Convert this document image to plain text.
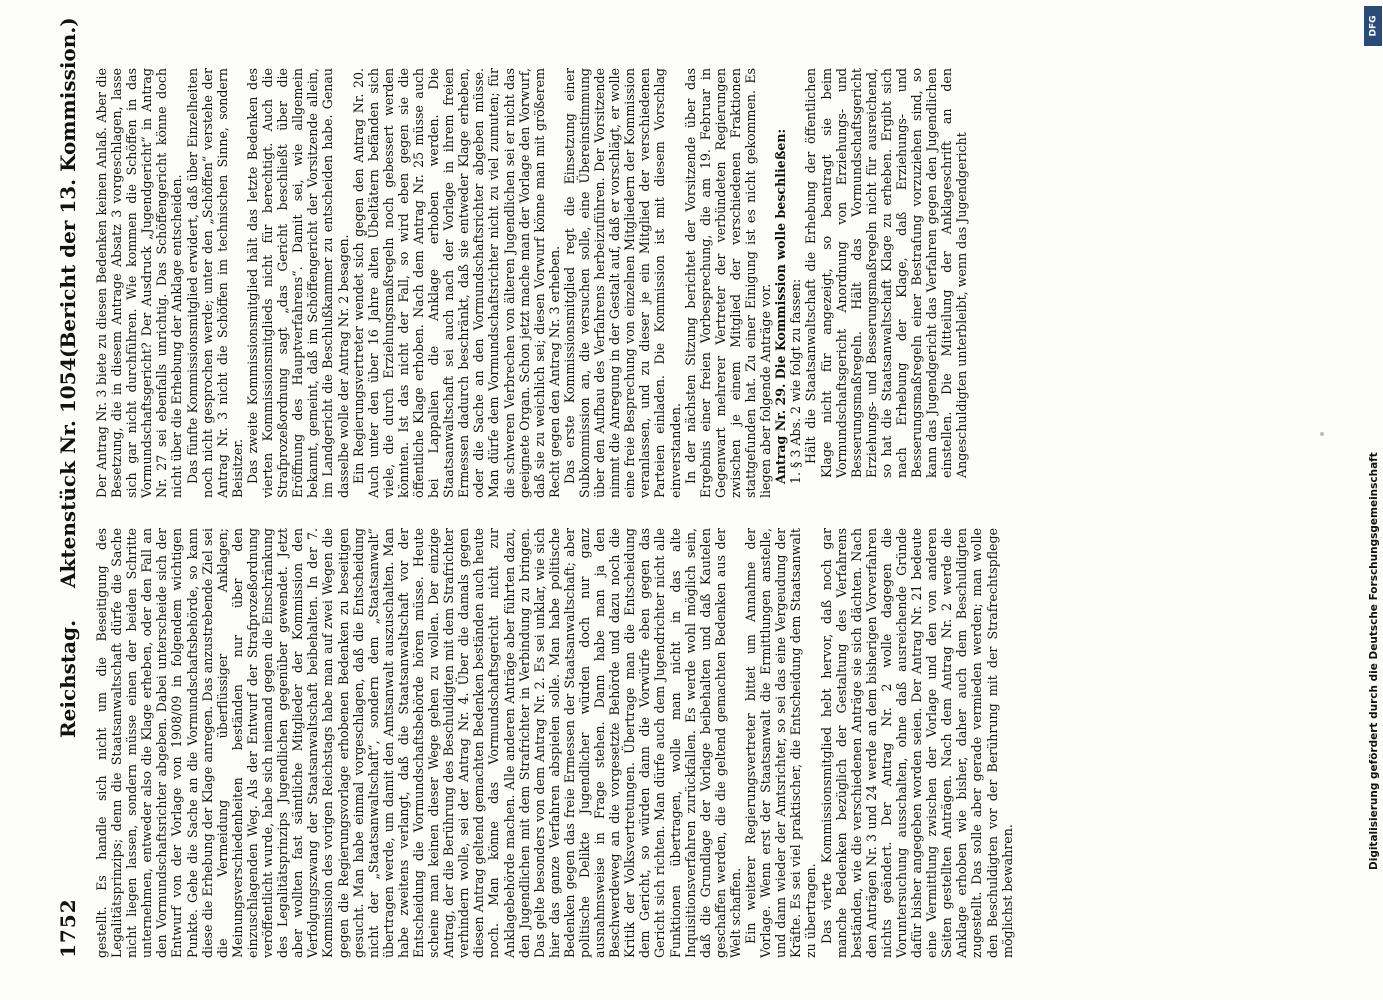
1752
Reichstag.
Aktenstück Nr. 1054.
(Bericht der 13. Kommission.)

gestellt. Es handle sich nicht um die Beseitigung des Legalitätsprinzips; denn die Staatsanwaltschaft dürfe die Sache nicht liegen lassen, sondern müsse einen der beiden Schritte unternehmen, entweder also die Klage erheben, oder den Fall an den Vormundschaftsrichter abgeben. Dabei unterscheide sich der Entwurf von der Vorlage von 1908/09 in folgendem wichtigen Punkte. Gehe die Sache an die Vormundschaftsbehörde, so kann diese die Erhebung der Klage anregen. Das anzustrebende Ziel sei die Vermeidung überflüssiger Anklagen; Meinungsverschiedenheiten beständen nur über den einzuschlagenden Weg. Als der Entwurf der Strafprozeßordnung veröffentlicht wurde, habe sich niemand gegen die Einschränkung des Legalitätsprinzips Jugendlichen gegenüber gewendet. Jetzt aber wollten fast sämtliche Mitglieder der Kommission den Verfolgungszwang der Staatsanwaltschaft beibehalten. In der 7. Kommission des vorigen Reichstags habe man auf zwei Wegen die gegen die Regierungsvorlage erhobenen Bedenken zu beseitigen gesucht. Man habe einmal vorgeschlagen, daß die Entscheidung nicht der „Staatsanwaltschaft“, sondern dem „Staatsanwalt“ übertragen werde, um damit den Amtsanwalt auszuschalten. Man habe zweitens verlangt, daß die Staatsanwaltschaft vor der Entscheidung die Vormundschaftsbehörde hören müsse. Heute scheine man keinen dieser Wege gehen zu wollen. Der einzige Antrag, der die Berührung des Beschuldigten mit dem Strafrichter verhindern wolle, sei der Antrag Nr. 4. Über die damals gegen diesen Antrag geltend gemachten Bedenken beständen auch heute noch. Man könne das Vormundschaftsgericht nicht zur Anklagebehörde machen. Alle anderen Anträge aber führten dazu, den Jugendlichen mit dem Strafrichter in Verbindung zu bringen. Das gelte besonders von dem Antrag Nr. 2. Es sei unklar, wie sich hier das ganze Verfahren abspielen solle. Man habe politische Bedenken gegen das freie Ermessen der Staatsanwaltschaft; aber politische Delikte Jugendlicher würden doch nur ganz ausnahmsweise in Frage stehen. Dann habe man ja den Beschwerdeweg an die vorgesetzte Behörde und dazu noch die Kritik der Volksvertretungen. Übertrage man die Entscheidung dem Gericht, so würden dann die Vorwürfe eben gegen das Gericht sich richten. Man dürfe auch dem Jugendrichter nicht alle Funktionen übertragen, wolle man nicht in das alte Inquisitionsverfahren zurückfallen. Es werde wohl möglich sein, daß die Grundlage der Vorlage beibehalten und daß Kautelen geschaffen werden, die die geltend gemachten Bedenken aus der Welt schaffen. Ein weiterer Regierungsvertreter bittet um Annahme der Vorlage. Wenn erst der Staatsanwalt die Ermittlungen anstelle, und dann wieder der Amtsrichter, so sei das eine Vergeudung der Kräfte. Es sei viel praktischer, die Entscheidung dem Staatsanwalt zu übertragen. Das vierte Kommissionsmitglied hebt hervor, daß noch gar manche Bedenken bezüglich der Gestaltung des Verfahrens beständen, wie die verschiedenen Anträge sie sich dächten. Nach den Anträgen Nr. 3 und 24 werde an dem bisherigen Vorverfahren nichts geändert. Der Antrag Nr. 2 wolle dagegen die Voruntersuchung ausschalten, ohne daß ausreichende Gründe dafür bisher angegeben worden seien. Der Antrag Nr. 21 bedeute eine Vermittlung zwischen der Vorlage und den von anderen Seiten gestellten Anträgen. Nach dem Antrag Nr. 2 werde die Anklage erhoben wie bisher, daher auch dem Beschuldigten zugestellt. Das solle aber gerade vermieden werden; man wolle den Beschuldigten vor der Berührung mit der Strafrechtspflege möglichst bewahren.

Der Antrag Nr. 3 biete zu diesen Bedenken keinen Anlaß. Aber die Besetzung, die in diesem Antrage Absatz 3 vorgeschlagen, lasse sich gar nicht durchführen. Wie kommen die Schöffen in das Vormundschaftsgericht? Der Ausdruck „Jugendgericht“ in Antrag Nr. 27 sei ebenfalls unrichtig. Das Schöffengericht könne doch nicht über die Erhebung der Anklage entscheiden. Das fünfte Kommissionsmitglied erwidert, daß über Einzelheiten noch nicht gesprochen werde; unter den „Schöffen“ verstehe der Antrag Nr. 3 nicht die Schöffen im technischen Sinne, sondern Beisitzer. Das zweite Kommissionsmitglied hält das letzte Bedenken des vierten Kommissionsmitglieds nicht für berechtigt. Auch die Strafprozeßordnung sagt „das Gericht beschließt über die Eröffnung des Hauptverfahrens“. Damit sei, wie allgemein bekannt, gemeint, daß im Schöffengericht der Vorsitzende allein, im Landgericht die Beschlußkammer zu entscheiden habe. Genau dasselbe wolle der Antrag Nr. 2 besagen. Ein Regierungsvertreter wendet sich gegen den Antrag Nr. 20. Auch unter den über 16 Jahre alten Übeltätern befänden sich viele, die durch Erziehungsmaßregeln noch gebessert werden könnten. Ist das nicht der Fall, so wird eben gegen sie die öffentliche Klage erhoben. Nach dem Antrag Nr. 25 müsse auch bei Lappalien die Anklage erhoben werden. Die Staatsanwaltschaft sei auch nach der Vorlage in ihrem freien Ermessen dadurch beschränkt, daß sie entweder Klage erheben, oder die Sache an den Vormundschaftsrichter abgeben müsse. Man dürfe dem Vormundschaftsrichter nicht zu viel zumuten; für die schweren Verbrechen von älteren Jugendlichen sei er nicht das geeignete Organ. Schon jetzt mache man der Vorlage den Vorwurf, daß sie zu weichlich sei; diesen Vorwurf könne man mit größerem Recht gegen den Antrag Nr. 3 erheben. Das erste Kommissionsmitglied regt die Einsetzung einer Subkommission an, die versuchen solle, eine Übereinstimmung über den Aufbau des Verfahrens herbeizuführen. Der Vorsitzende nimmt die Anregung in der Gestalt auf, daß er vorschlägt, er wolle eine freie Besprechung von einzelnen Mitgliedern der Kommission veranlassen, und zu dieser je ein Mitglied der verschiedenen Parteien einladen. Die Kommission ist mit diesem Vorschlag einverstanden. In der nächsten Sitzung berichtet der Vorsitzende über das Ergebnis einer freien Vorbesprechung, die am 19. Februar in Gegenwart mehrerer Vertreter der verbündeten Regierungen zwischen je einem Mitglied der verschiedenen Fraktionen stattgefunden hat. Zu einer Einigung ist es nicht gekommen. Es liegen aber folgende Anträge vor. Antrag Nr. 29. Die Kommission wolle beschließen: 1. § 3 Abs. 2 wie folgt zu fassen: Hält die Staatsanwaltschaft die Erhebung der öffentlichen Klage nicht für angezeigt, so beantragt sie beim Vormundschaftsgericht Anordnung von Erziehungs- und Besserungsmaßregeln. Hält das Vormundschaftsgericht Erziehungs- und Besserungsmaßregeln nicht für ausreichend, so hat die Staatsanwaltschaft Klage zu erheben. Ergibt sich nach Erhebung der Klage, daß Erziehungs- und Besserungsmaßregeln einer Bestrafung vorzuziehen sind, so kann das Jugendgericht das Verfahren gegen den Jugendlichen einstellen. Die Mitteilung der Anklageschrift an den Angeschuldigten unterbleibt, wenn das Jugendgericht

Digitalisierung gefördert durch die Deutsche Forschungsgemeinschaft
DFG
